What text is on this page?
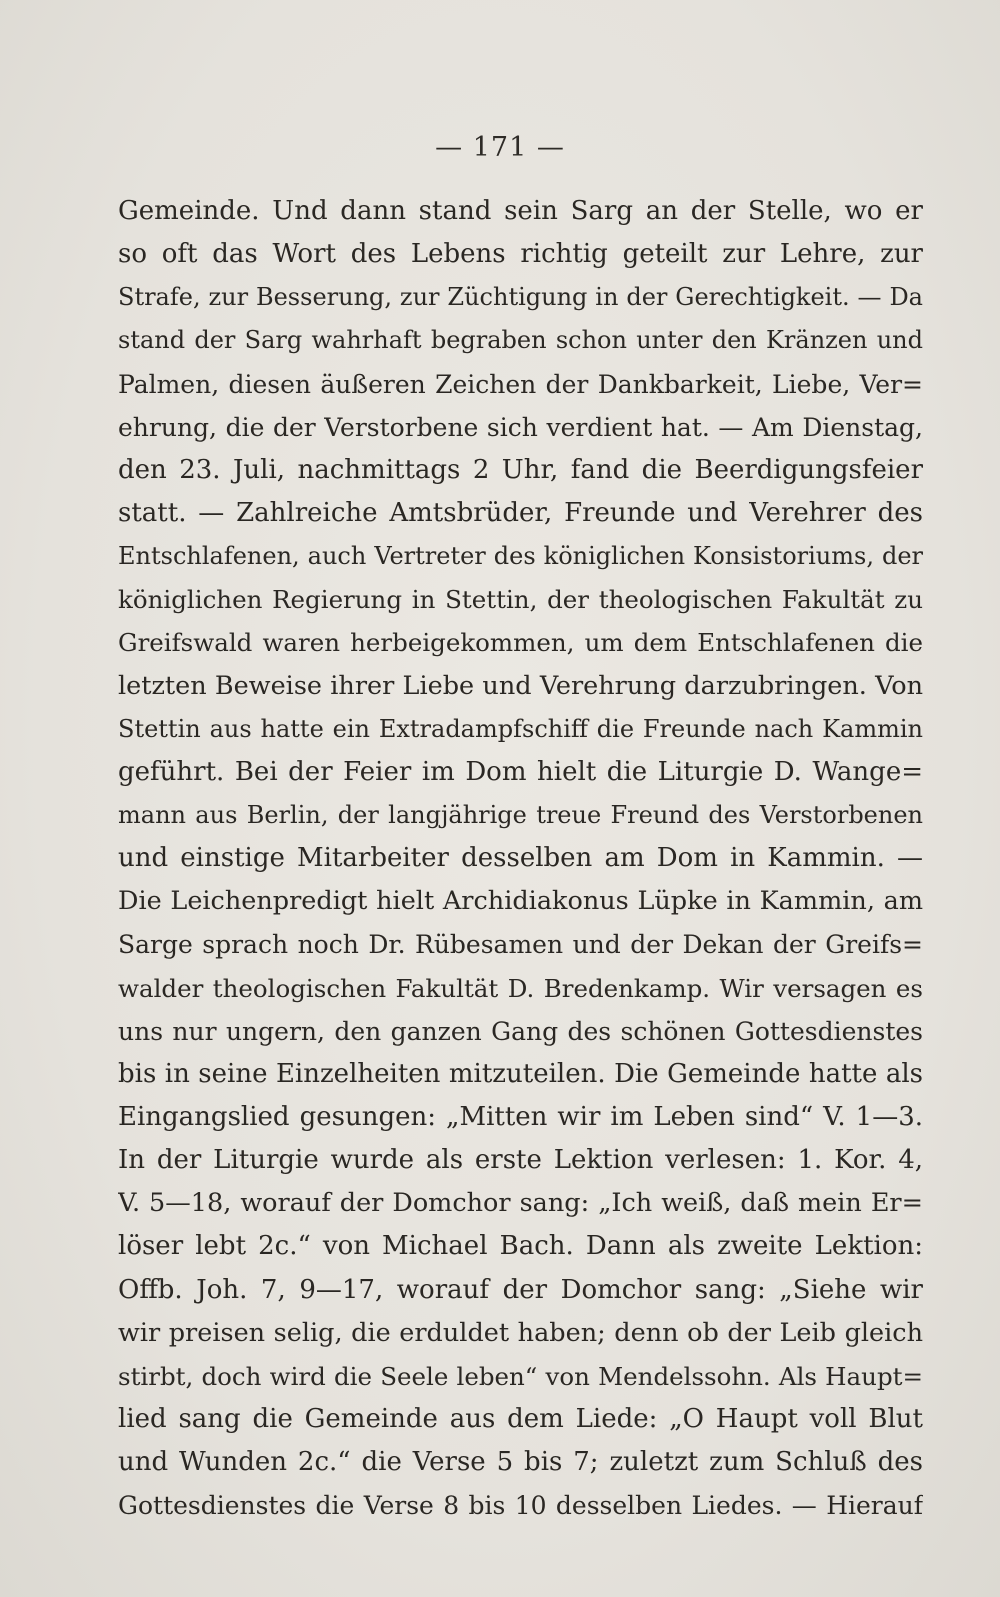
— 171 —
Gemeinde. Und dann stand sein Sarg an der Stelle, wo er
so oft das Wort des Lebens richtig geteilt zur Lehre, zur
Strafe, zur Besserung, zur Züchtigung in der Gerechtigkeit. — Da
stand der Sarg wahrhaft begraben schon unter den Kränzen und
Palmen, diesen äußeren Zeichen der Dankbarkeit, Liebe, Ver=
ehrung, die der Verstorbene sich verdient hat. — Am Dienstag,
den 23. Juli, nachmittags 2 Uhr, fand die Beerdigungsfeier
statt. — Zahlreiche Amtsbrüder, Freunde und Verehrer des
Entschlafenen, auch Vertreter des königlichen Konsistoriums, der
königlichen Regierung in Stettin, der theologischen Fakultät zu
Greifswald waren herbeigekommen, um dem Entschlafenen die
letzten Beweise ihrer Liebe und Verehrung darzubringen. Von
Stettin aus hatte ein Extradampfschiff die Freunde nach Kammin
geführt. Bei der Feier im Dom hielt die Liturgie D. Wange=
mann aus Berlin, der langjährige treue Freund des Verstorbenen
und einstige Mitarbeiter desselben am Dom in Kammin. —
Die Leichenpredigt hielt Archidiakonus Lüpke in Kammin, am
Sarge sprach noch Dr. Rübesamen und der Dekan der Greifs=
walder theologischen Fakultät D. Bredenkamp. Wir versagen es
uns nur ungern, den ganzen Gang des schönen Gottesdienstes
bis in seine Einzelheiten mitzuteilen. Die Gemeinde hatte als
Eingangslied gesungen: „Mitten wir im Leben sind“ V. 1—3.
In der Liturgie wurde als erste Lektion verlesen: 1. Kor. 4,
V. 5—18, worauf der Domchor sang: „Ich weiß, daß mein Er=
löser lebt 2c.“ von Michael Bach. Dann als zweite Lektion:
Offb. Joh. 7, 9—17, worauf der Domchor sang: „Siehe wir
wir preisen selig, die erduldet haben; denn ob der Leib gleich
stirbt, doch wird die Seele leben“ von Mendelssohn. Als Haupt=
lied sang die Gemeinde aus dem Liede: „O Haupt voll Blut
und Wunden 2c.“ die Verse 5 bis 7; zuletzt zum Schluß des
Gottesdienstes die Verse 8 bis 10 desselben Liedes. — Hierauf
